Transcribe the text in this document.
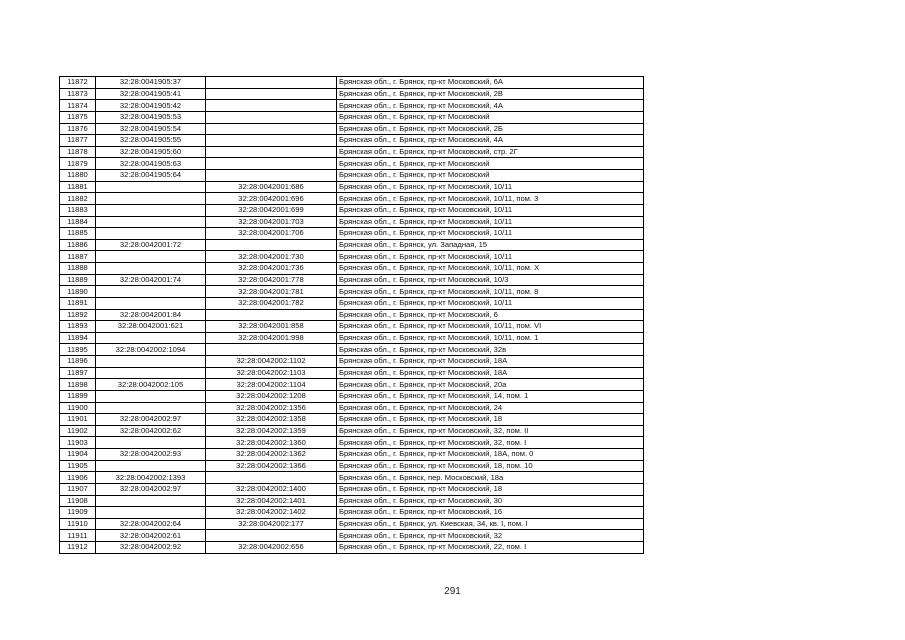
11872	32:28:0041905:37		Брянская обл., г. Брянск, пр-кт Московский, 6А
11873	32:28:0041905:41		Брянская обл., г. Брянск, пр-кт Московский, 2В
11874	32:28:0041905:42		Брянская обл., г. Брянск, пр-кт Московский, 4А
11875	32:28:0041905:53		Брянская обл., г. Брянск, пр-кт Московский
11876	32:28:0041905:54		Брянская обл., г. Брянск, пр-кт Московский, 2Б
11877	32:28:0041905:55		Брянская обл., г. Брянск, пр-кт Московский, 4А
11878	32:28:0041905:60		Брянская обл., г. Брянск, пр-кт Московский, стр. 2Г
11879	32:28:0041905:63		Брянская обл., г. Брянск, пр-кт Московский
11880	32:28:0041905:64		Брянская обл., г. Брянск, пр-кт Московский
11881		32:28:0042001:686	Брянская обл., г. Брянск, пр-кт Московский, 10/11
11882		32:28:0042001:696	Брянская обл., г. Брянск, пр-кт Московский, 10/11, пом. 3
11883		32:28:0042001:699	Брянская обл., г. Брянск, пр-кт Московский, 10/11
11884		32:28:0042001:703	Брянская обл., г. Брянск, пр-кт Московский, 10/11
11885		32:28:0042001:706	Брянская обл., г. Брянск, пр-кт Московский, 10/11
11886	32:28:0042001:72		Брянская обл., г. Брянск, ул. Западная, 15
11887		32:28:0042001:730	Брянская обл., г. Брянск, пр-кт Московский, 10/11
11888		32:28:0042001:736	Брянская обл., г. Брянск, пр-кт Московский, 10/11, пом. X
11889	32:28:0042001:74	32:28:0042001:778	Брянская обл., г. Брянск, пр-кт Московский, 10/3
11890		32:28:0042001:781	Брянская обл., г. Брянск, пр-кт Московский, 10/11, пом. 8
11891		32:28:0042001:782	Брянская обл., г. Брянск, пр-кт Московский, 10/11
11892	32:28:0042001:84		Брянская обл., г. Брянск, пр-кт Московский, 6
11893	32:28:0042001:621	32:28:0042001:858	Брянская обл., г. Брянск, пр-кт Московский, 10/11, пом. VI
11894		32:28:0042001:998	Брянская обл., г. Брянск, пр-кт Московский, 10/11, пом. 1
11895	32:28:0042002:1094		Брянская обл., г. Брянск, пр-кт Московский, 32в
11896		32:28:0042002:1102	Брянская обл., г. Брянск, пр-кт Московский, 18А
11897		32:28:0042002:1103	Брянская обл., г. Брянск, пр-кт Московский, 18А
11898	32:28:0042002:105	32:28:0042002:1104	Брянская обл., г. Брянск, пр-кт Московский, 20а
11899		32:28:0042002:1208	Брянская обл., г. Брянск, пр-кт Московский, 14, пом. 1
11900		32:28:0042002:1356	Брянская обл., г. Брянск, пр-кт Московский, 24
11901	32:28:0042002:97	32:28:0042002:1358	Брянская обл., г. Брянск, пр-кт Московский, 18
11902	32:28:0042002:62	32:28:0042002:1359	Брянская обл., г. Брянск, пр-кт Московский, 32, пом. II
11903		32:28:0042002:1360	Брянская обл., г. Брянск, пр-кт Московский, 32, пом. I
11904	32:28:0042002:93	32:28:0042002:1362	Брянская обл., г. Брянск, пр-кт Московский, 18А, пом. 0
11905		32:28:0042002:1366	Брянская обл., г. Брянск, пр-кт Московский, 18, пом. 10
11906	32:28:0042002:1393		Брянская обл., г. Брянск, пер. Московский, 18а
11907	32:28:0042002:97	32:28:0042002:1400	Брянская обл., г. Брянск, пр-кт Московский, 18
11908		32:28:0042002:1401	Брянская обл., г. Брянск, пр-кт Московский, 30
11909		32:28:0042002:1402	Брянская обл., г. Брянск, пр-кт Московский, 16
11910	32:28:0042002:64	32:28:0042002:177	Брянская обл., г. Брянск, ул. Киевская, 34, кв. I, пом. I
11911	32:28:0042002:61		Брянская обл., г. Брянск, пр-кт Московский, 32
11912	32:28:0042002:92	32:28:0042002:656	Брянская обл., г. Брянск, пр-кт Московский, 22, пом. I
291
